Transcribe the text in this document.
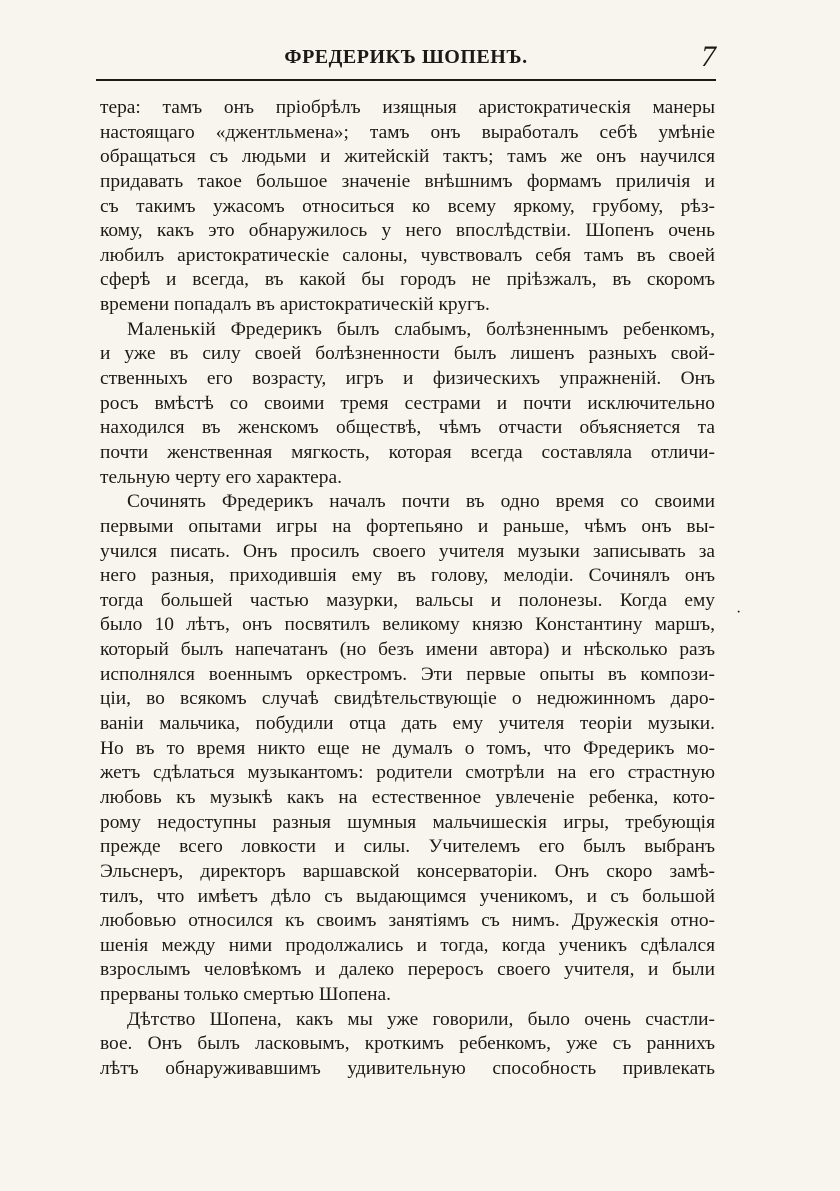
ФРЕДЕРИКЪ ШОПЕНЪ.	7
тера: тамъ онъ пріобрѣлъ изящныя аристократическія манеры
настоящаго «джентльмена»; тамъ онъ выработалъ себѣ умѣніе
обращаться съ людьми и житейскій тактъ; тамъ же онъ научился
придавать такое большое значеніе внѣшнимъ формамъ приличія и
съ такимъ ужасомъ относиться ко всему яркому, грубому, рѣз-
кому, какъ это обнаружилось у него впослѣдствіи. Шопенъ очень
любилъ аристократическіе салоны, чувствовалъ себя тамъ въ своей
сферѣ и всегда, въ какой бы городъ не пріѣзжалъ, въ скоромъ
времени попадалъ въ аристократическій кругъ.
Маленькій Фредерикъ былъ слабымъ, болѣзненнымъ ребенкомъ,
и уже въ силу своей болѣзненности былъ лишенъ разныхъ свой-
ственныхъ его возрасту, игръ и физическихъ упражненій. Онъ
росъ вмѣстѣ со своими тремя сестрами и почти исключительно
находился въ женскомъ обществѣ, чѣмъ отчасти объясняется та
почти женственная мягкость, которая всегда составляла отличи-
тельную черту его характера.
Сочинять Фредерикъ началъ почти въ одно время со своими
первыми опытами игры на фортепьяно и раньше, чѣмъ онъ вы-
учился писать. Онъ просилъ своего учителя музыки записывать за
него разныя, приходившія ему въ голову, мелодіи. Сочинялъ онъ
тогда большей частью мазурки, вальсы и полонезы. Когда ему
было 10 лѣтъ, онъ посвятилъ великому князю Константину маршъ,
который былъ напечатанъ (но безъ имени автора) и нѣсколько разъ
исполнялся военнымъ оркестромъ. Эти первые опыты въ компози-
ціи, во всякомъ случаѣ свидѣтельствующіе о недюжинномъ даро-
ваніи мальчика, побудили отца дать ему учителя теоріи музыки.
Но въ то время никто еще не думалъ о томъ, что Фредерикъ мо-
жетъ сдѣлаться музыкантомъ: родители смотрѣли на его страстную
любовь къ музыкѣ какъ на естественное увлеченіе ребенка, кото-
рому недоступны разныя шумныя мальчишескія игры, требующія
прежде всего ловкости и силы. Учителемъ его былъ выбранъ
Эльснеръ, директоръ варшавской консерваторіи. Онъ скоро замѣ-
тилъ, что имѣетъ дѣло съ выдающимся ученикомъ, и съ большой
любовью относился къ своимъ занятіямъ съ нимъ. Дружескія отно-
шенія между ними продолжались и тогда, когда ученикъ сдѣлался
взрослымъ человѣкомъ и далеко переросъ своего учителя, и были
прерваны только смертью Шопена.
Дѣтство Шопена, какъ мы уже говорили, было очень счастли-
вое. Онъ былъ ласковымъ, кроткимъ ребенкомъ, уже съ раннихъ
лѣтъ обнаруживавшимъ удивительную способность привлекать
·
